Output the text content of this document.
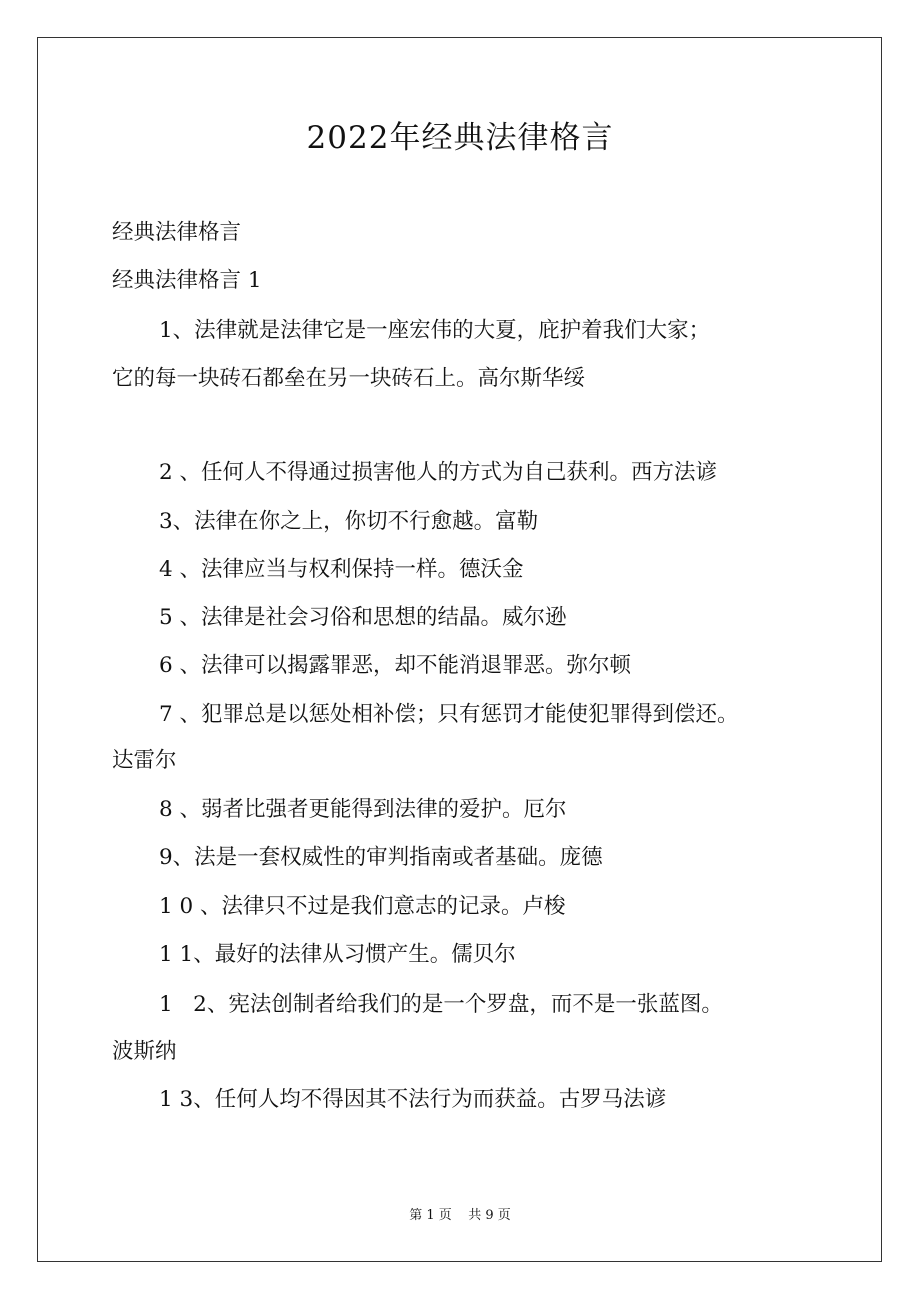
2022年经典法律格言
经典法律格言
经典法律格言 1
1、法律就是法律它是一座宏伟的大夏，庇护着我们大家；
它的每一块砖石都垒在另一块砖石上。高尔斯华绥
2 、任何人不得通过损害他人的方式为自己获利。西方法谚
3、法律在你之上，你切不行愈越。富勒
4 、法律应当与权利保持一样。德沃金
5 、法律是社会习俗和思想的结晶。威尔逊
6 、法律可以揭露罪恶，却不能消退罪恶。弥尔顿
7 、犯罪总是以惩处相补偿；只有惩罚才能使犯罪得到偿还。
达雷尔
8 、弱者比强者更能得到法律的爱护。厄尔
9、法是一套权威性的审判指南或者基础。庞德
1 0 、法律只不过是我们意志的记录。卢梭
1 1、最好的法律从习惯产生。儒贝尔
1   2、宪法创制者给我们的是一个罗盘，而不是一张蓝图。
波斯纳
1 3、任何人均不得因其不法行为而获益。古罗马法谚
第 1 页    共 9 页
